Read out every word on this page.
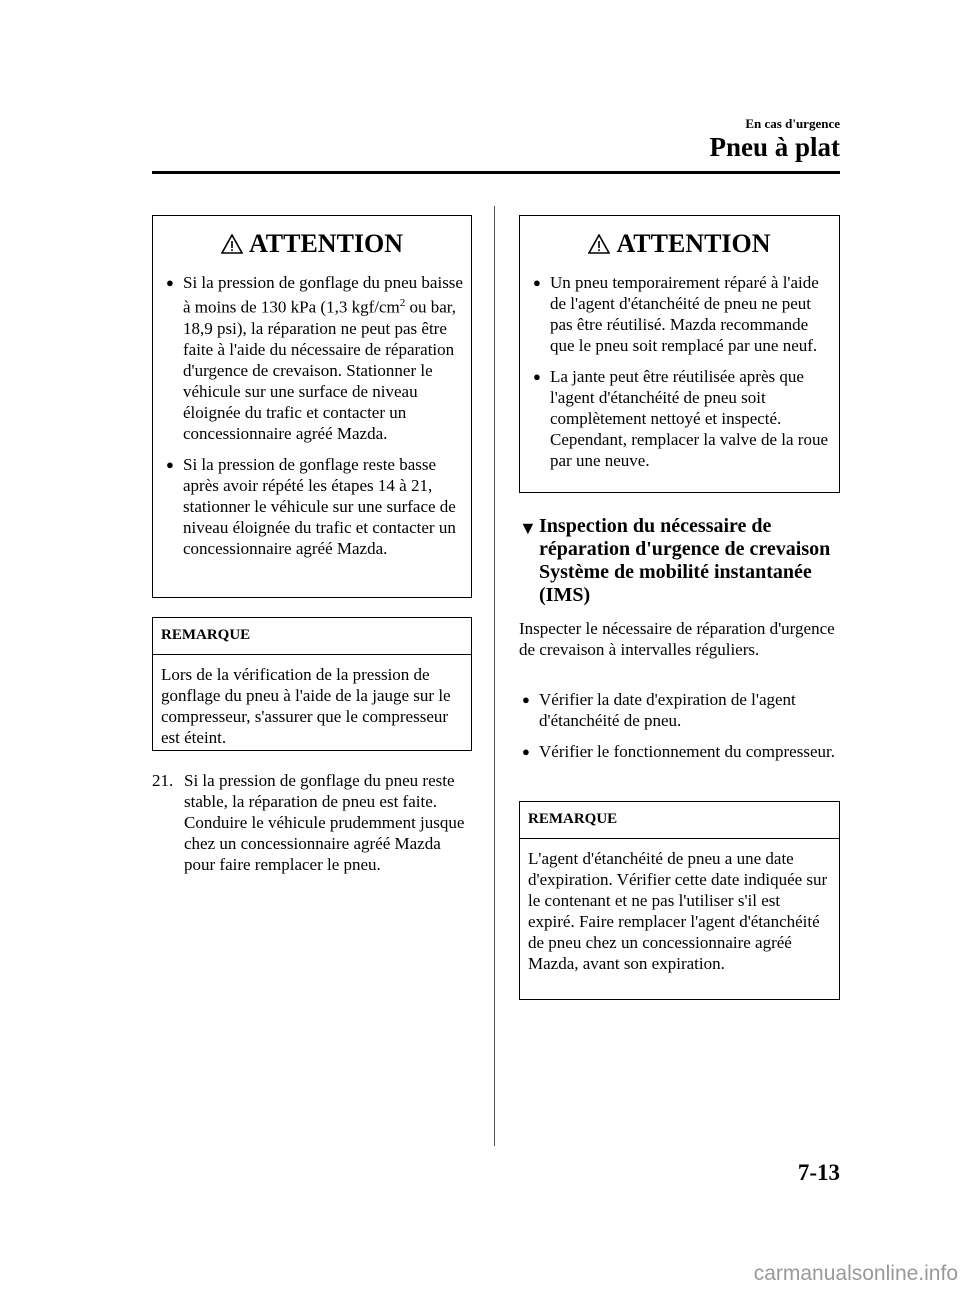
En cas d'urgence
Pneu à plat
ATTENTION
● Si la pression de gonflage du pneu baisse à moins de 130 kPa (1,3 kgf/$cm^2$ ou bar, 18,9 psi), la réparation ne peut pas être faite à l'aide du nécessaire de réparation d'urgence de crevaison. Stationner le véhicule sur une surface de niveau éloignée du trafic et contacter un concessionnaire agréé Mazda.
● Si la pression de gonflage reste basse après avoir répété les étapes 14 à 21, stationner le véhicule sur une surface de niveau éloignée du trafic et contacter un concessionnaire agréé Mazda.
REMARQUE
Lors de la vérification de la pression de gonflage du pneu à l'aide de la jauge sur le compresseur, s'assurer que le compresseur est éteint.
21. Si la pression de gonflage du pneu reste stable, la réparation de pneu est faite. Conduire le véhicule prudemment jusque chez un concessionnaire agréé Mazda pour faire remplacer le pneu.
ATTENTION
● Un pneu temporairement réparé à l'aide de l'agent d'étanchéité de pneu ne peut pas être réutilisé. Mazda recommande que le pneu soit remplacé par une neuf.
● La jante peut être réutilisée après que l'agent d'étanchéité de pneu soit complètement nettoyé et inspecté. Cependant, remplacer la valve de la roue par une neuve.
▼ Inspection du nécessaire de réparation d'urgence de crevaison Système de mobilité instantanée (IMS)
Inspecter le nécessaire de réparation d'urgence de crevaison à intervalles réguliers.
● Vérifier la date d'expiration de l'agent d'étanchéité de pneu.
● Vérifier le fonctionnement du compresseur.
REMARQUE
L'agent d'étanchéité de pneu a une date d'expiration. Vérifier cette date indiquée sur le contenant et ne pas l'utiliser s'il est expiré. Faire remplacer l'agent d'étanchéité de pneu chez un concessionnaire agréé Mazda, avant son expiration.
7-13
carmanualsonline.info
